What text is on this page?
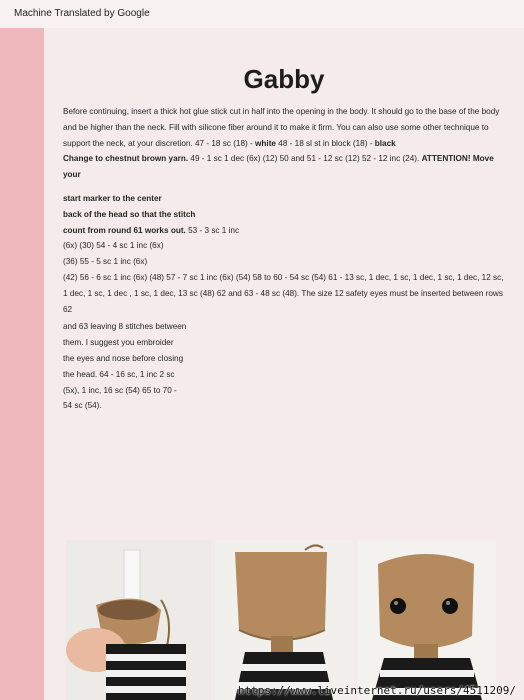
Machine Translated by Google
Gabby

Before continuing, insert a thick hot glue stick cut in half into the opening in the body. It should go to the base of the body and be higher than the neck. Fill with silicone fiber around it to make it firm. You can also use some other technique to support the neck, at your discretion. 47 - 18 sc (18) - white 48 - 18 sl st in block (18) - black
Change to chestnut brown yarn. 49 - 1 sc 1 dec (6x) (12) 50 and 51 - 12 sc (12) 52 - 12 inc (24). ATTENTION! Move your

start marker to the center
back of the head so that the stitch
count from round 61 works out. 53 - 3 sc 1 inc

(6x) (30) 54 - 4 sc 1 inc (6x)

(36) 55 - 5 sc 1 inc (6x)

(42) 56 - 6 sc 1 inc (6x) (48) 57 - 7 sc 1 inc (6x) (54) 58 to 60 - 54 sc (54) 61 - 13 sc, 1 dec, 1 sc, 1 dec, 1 sc, 1 dec, 12 sc, 1 dec, 1 sc, 1 dec , 1 sc, 1 dec, 13 sc (48) 62 and 63 - 48 sc (48). The size 12 safety eyes must be inserted between rows 62

and 63 leaving 8 stitches between

them. I suggest you embroider

the eyes and nose before closing

the head. 64 - 16 sc, 1 inc 2 sc

(5x), 1 inc, 16 sc (54) 65 to 70 -

54 sc (54).

https://www.liveinternet.ru/users/4511209/
